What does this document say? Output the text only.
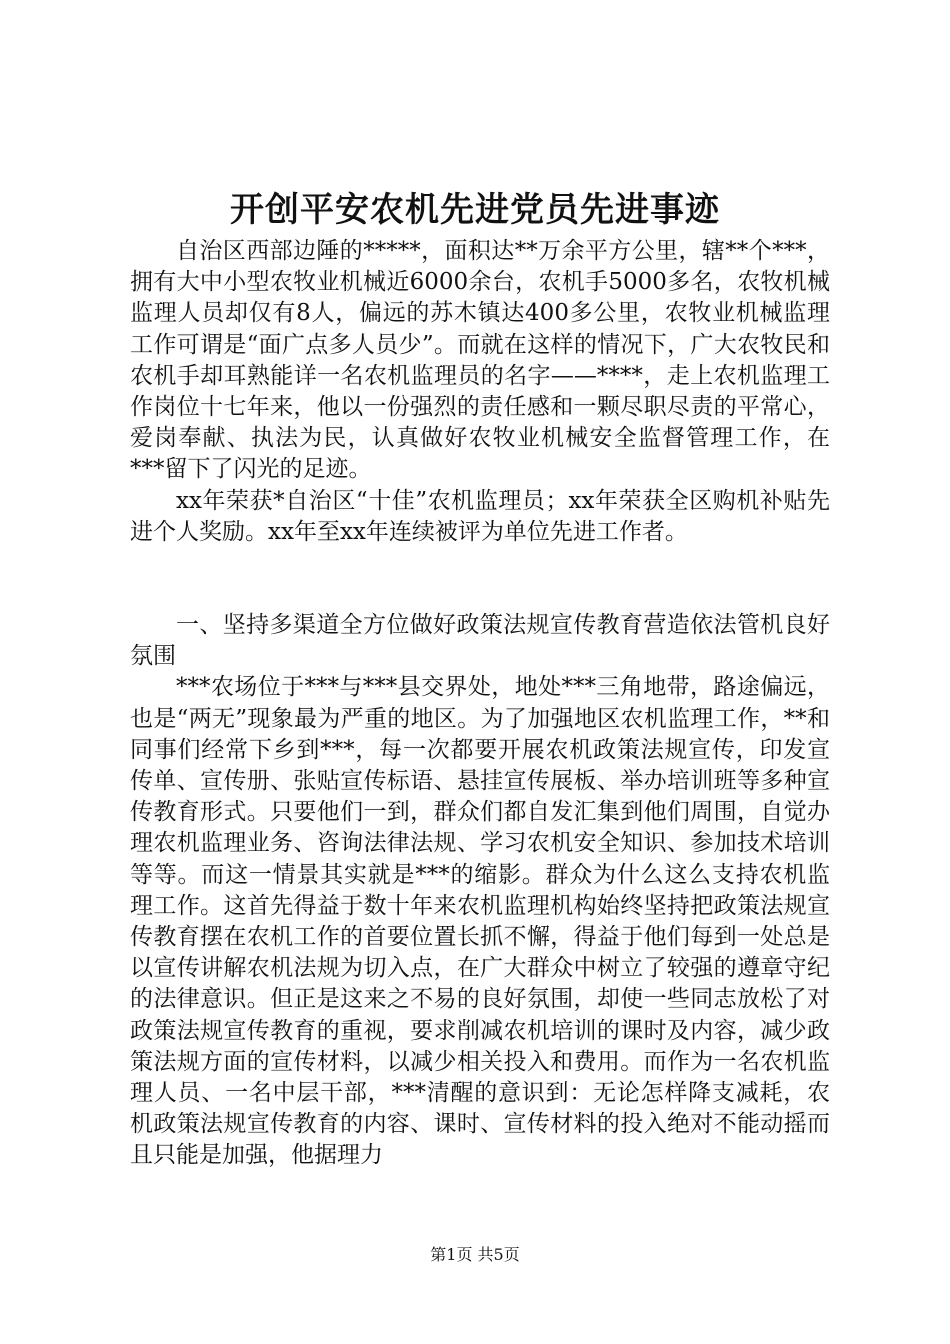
开创平安农机先进党员先进事迹

自治区西部边陲的*****，面积达**万余平方公里，辖**个***，拥有大中小型农牧业机械近6000余台，农机手5000多名，农牧机械监理人员却仅有8人，偏远的苏木镇达400多公里，农牧业机械监理工作可谓是“面广点多人员少”。而就在这样的情况下，广大农牧民和农机手却耳熟能详一名农机监理员的名字——****，走上农机监理工作岗位十七年来，他以一份强烈的责任感和一颗尽职尽责的平常心，爱岗奉献、执法为民，认真做好农牧业机械安全监督管理工作，在***留下了闪光的足迹。

xx年荣获*自治区“十佳”农机监理员；xx年荣获全区购机补贴先进个人奖励。xx年至xx年连续被评为单位先进工作者。

一、坚持多渠道全方位做好政策法规宣传教育营造依法管机良好氛围

***农场位于***与***县交界处，地处***三角地带，路途偏远，也是“两无”现象最为严重的地区。为了加强地区农机监理工作，**和同事们经常下乡到***，每一次都要开展农机政策法规宣传，印发宣传单、宣传册、张贴宣传标语、悬挂宣传展板、举办培训班等多种宣传教育形式。只要他们一到，群众们都自发汇集到他们周围，自觉办理农机监理业务、咨询法律法规、学习农机安全知识、参加技术培训等等。而这一情景其实就是***的缩影。群众为什么这么支持农机监理工作。这首先得益于数十年来农机监理机构始终坚持把政策法规宣传教育摆在农机工作的首要位置长抓不懈，得益于他们每到一处总是以宣传讲解农机法规为切入点，在广大群众中树立了较强的遵章守纪的法律意识。但正是这来之不易的良好氛围，却使一些同志放松了对政策法规宣传教育的重视，要求削减农机培训的课时及内容，减少政策法规方面的宣传材料，以减少相关投入和费用。而作为一名农机监理人员、一名中层干部，***清醒的意识到：无论怎样降支减耗，农机政策法规宣传教育的内容、课时、宣传材料的投入绝对不能动摇而且只能是加强，他据理力

第1页 共5页
